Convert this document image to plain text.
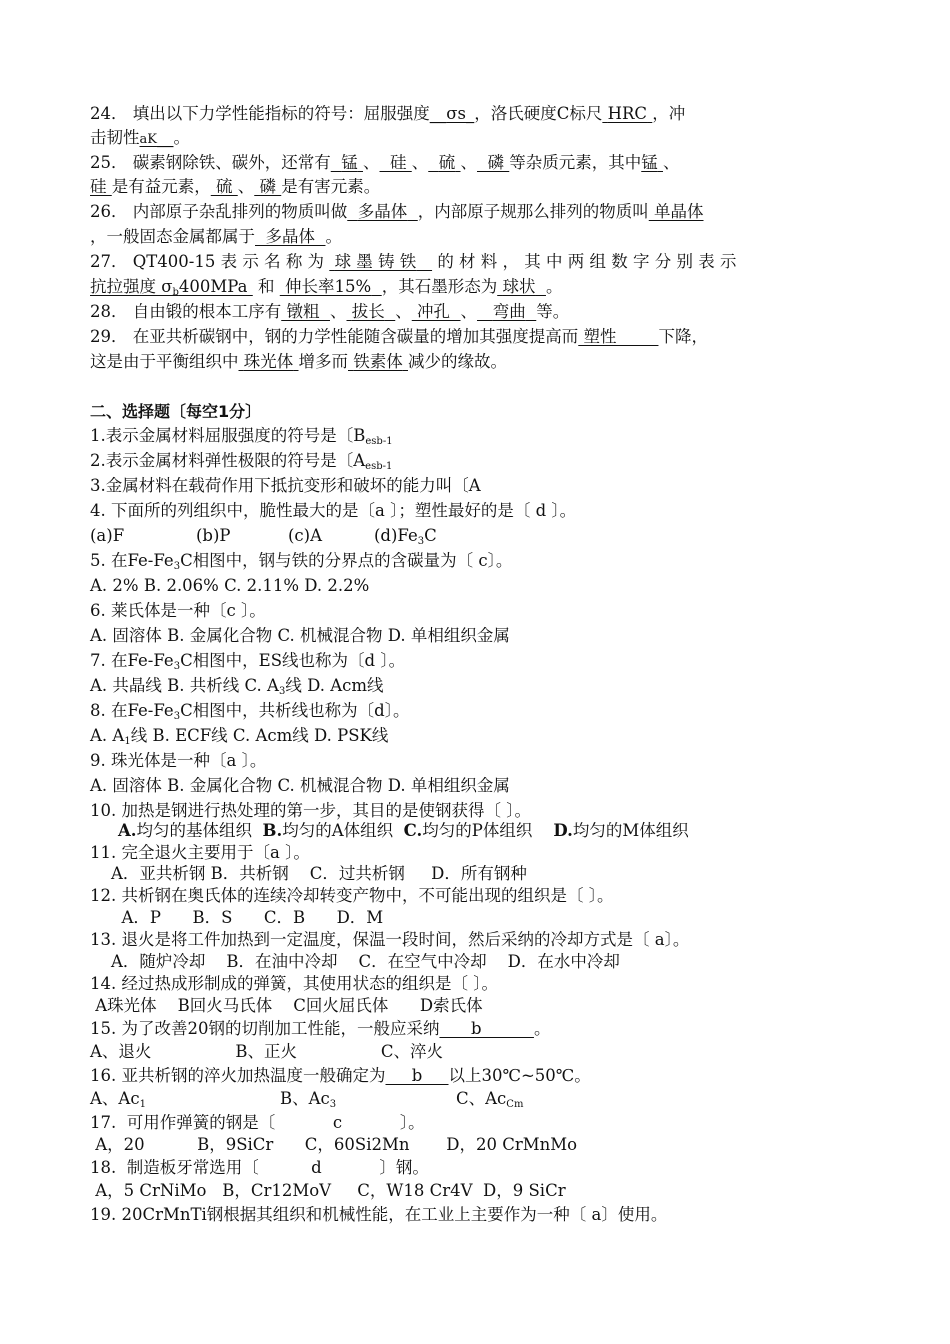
24． 填出以下力学性能指标的符号：屈服强度__σs_，洛氏硬度C标尺 HRC ，冲
击韧性aK__。
25． 碳素钢除铁、碳外，还常有 锰 、 硅 、 硫 、 磷 等杂质元素，其中锰 、
硅 是有益元素， 硫 、 磷 是有害元素。
26． 内部原子杂乱排列的物质叫做 多晶体 ，内部原子规那么排列的物质叫 单晶体
，一般固态金属都属于 多晶体 。
27． QT400-15 表 示 名 称 为 球 墨 铸 铁 的 材 料 ， 其 中 两 组 数 字 分 别 表 示
抗拉强度 $\sigma_b400MPa$ 和 伸长率15% ，其石墨形态为 球状 。
28． 自由锻的根本工序有 镦粗 、 拔长 、 冲孔 、 弯曲 等。
29． 在亚共析碳钢中，钢的力学性能随含碳量的增加其强度提高而 塑性	下降，
这是由于平衡组织中 珠光体 增多而 铁素体 减少的缘故。
二、选择题〔每空1分〕
1.表示金属材料屈服强度的符号是〔$B_{esb-1}$
2.表示金属材料弹性极限的符号是〔$A_{esb-1}$
3.金属材料在载荷作用下抵抗变形和破坏的能力叫〔A
4. 下面所的列组织中，脆性最大的是〔a 〕；塑性最好的是〔 d 〕。
(a)F	(b)P	(c)A	$(d)Fe_3C$
5. 在$Fe-Fe_3C$相图中，钢与铁的分界点的含碳量为〔 c〕。
A. 2% B. 2.06% C. 2.11% D. 2.2%
6. 莱氏体是一种〔c 〕。
A. 固溶体 B. 金属化合物 C. 机械混合物 D. 单相组织金属
7. 在$Fe-Fe_3C$相图中，ES线也称为〔d 〕。
A. 共晶线 B. 共析线 C. $A_3$线 D. Acm线
8. 在$Fe-Fe_3C$相图中，共析线也称为〔d〕。
A. $A_1$线 B. ECF线 C. Acm线 D. PSK线
9. 珠光体是一种〔a 〕。
A. 固溶体 B. 金属化合物 C. 机械混合物 D. 单相组织金属
10. 加热是钢进行热处理的第一步，其目的是使钢获得〔 〕。
A.均匀的基体组织 B.均匀的A体组织 C.均匀的P体组织 D.均匀的M体组织
11. 完全退火主要用于〔a 〕。
A．亚共析钢 B．共析钢    C．过共析钢     D．所有钢种
12. 共析钢在奥氏体的连续冷却转变产物中，不可能出现的组织是〔 〕。
A．P      B．S      C．B      D．M
13. 退火是将工件加热到一定温度，保温一段时间，然后采纳的冷却方式是〔 a〕。
A．随炉冷却    B．在油中冷却    C．在空气中冷却    D．在水中冷却
14. 经过热成形制成的弹簧，其使用状态的组织是〔 〕。
A珠光体    B回火马氏体    C回火屈氏体      D索氏体
15. 为了改善20钢的切削加工性能，一般应采纳      b          。
A、退火                B、正火                C、淬火
16. 亚共析钢的淬火加热温度一般确定为     b     以上30℃~50℃。
A、$Ac_1$	B、$Ac_3$	C、$Ac_{Cm}$
17.  可用作弹簧的钢是〔           c           〕。
A，20          B，9SiCr      C，60Si2Mn       D，20 CrMnMo
18.  制造板牙常选用〔          d           〕钢。
A，5 CrNiMo   B，Cr12MoV     C，W18 Cr4V  D，9 SiCr
19. 20CrMnTi钢根据其组织和机械性能，在工业上主要作为一种〔 a〕使用。
